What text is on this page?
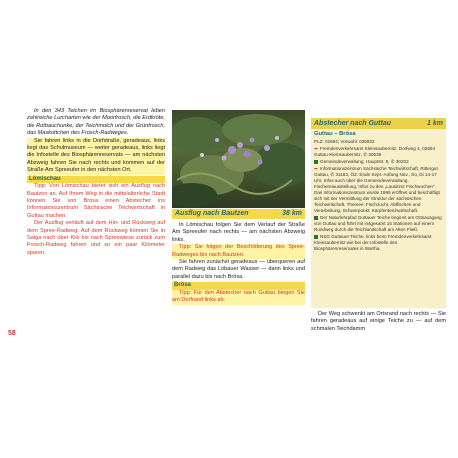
In den 343 Teichen im Biosphärenreservat leben zahlreiche Lurcharten wie der Moorfrosch, die Erdkröte, die Rotbauchunke, der Teichmolch und der Grünfrosch, das Maskottchen des Frosch-Radweges.

Sie fahren links in die Dorfstraße, geradeaus, links liegt das Schulmuseum — weiter geradeaus, links liegt die Infostelle des Biosphärenreservats — am nächsten Abzweig fahren Sie nach rechts und kommen auf der Straße Am Spreeufer in den nächsten Ort.

Lömischau

Tipp: Von Lömischau bietet sich ein Ausflug nach Bautzen an. Auf Ihrem Weg in die mittelalterliche Stadt können Sie von Brösa einen Abstecher ins Informationszentrum Sächsische Teichwirtschaft in Guttau machen.

Der Ausflug verläuft auf dem Hin- und Rückweg auf dem Spree-Radweg. Auf dem Rückweg können Sie in Salga nach über Klix bis nach Spreewiese zurück zum Frosch-Radweg fahren und so ein paar Kilometer sparen.

58
Ausflug nach Bautzen	38 km

In Lömischau folgen Sie dem Verlauf der Straße Am Spreeufer nach rechts — am nächsten Abzweig links.

Tipp: Sie folgen der Beschilderung des Spree-Radweges bis nach Bautzen.

Sie fahren zunächst geradeaus — überqueren auf dem Radweg das Löbauer Wasser — dann links und parallel dazu bis nach Brösa.

Brösa

Tipp: Für den Abstecher nach Guttau biegen Sie am Dorfrand links ab.

Abstecher nach Guttau	1 km
Guttau – Brösa

PLZ: 02694; Vorwahl: 035932

➡ Fremdenverkehrsamt Kleinsaubernitz, Dorfweg 4, 02694 Guttau-Kleinsaubernitz, ✆ 30536

Gemeindeverwaltung, Hauptstr. 8, ✆ 30202

➡ Informationszentrum Sächsische Teichwirtschaft, Rittergut Guttau, ✆ 31183, ÖZ: Ende Sept.-Anfang Nov., So, Di 14-17 Uhr. Infos auch über die Gemeindeverwaltung. Fischereiausstellung, Infos zu den „Lausitzer Fischwochen“. Das Informationszentrum wurde 1999 eröffnet und beschäftigt sich mit der Vermittlung der Struktur der sächsischen Teichwirtschaft. Themen: Fischzucht, Ablfischen und Verarbeitung, Schwerpunkt: Karpfenteichwirtschaft.

Der Naturlehrpfad Guttauer Teiche beginnt am Ortsausgang von Guttau und führt mit insgesamt 15 Stationen auf einem Rundweg durch die Teichlandschaft am Alten Fließ.

NSG Guttauer Teiche, links beim Fremdenverkehrsamt Kleinsaubernitz wie bei der Infostelle des Biosphärenreservates in Wartha.

Der Weg schwenkt am Ortsrand nach rechts — Sie fahren geradeaus auf einige Teiche zu — auf dem schmalen Teichdamm
